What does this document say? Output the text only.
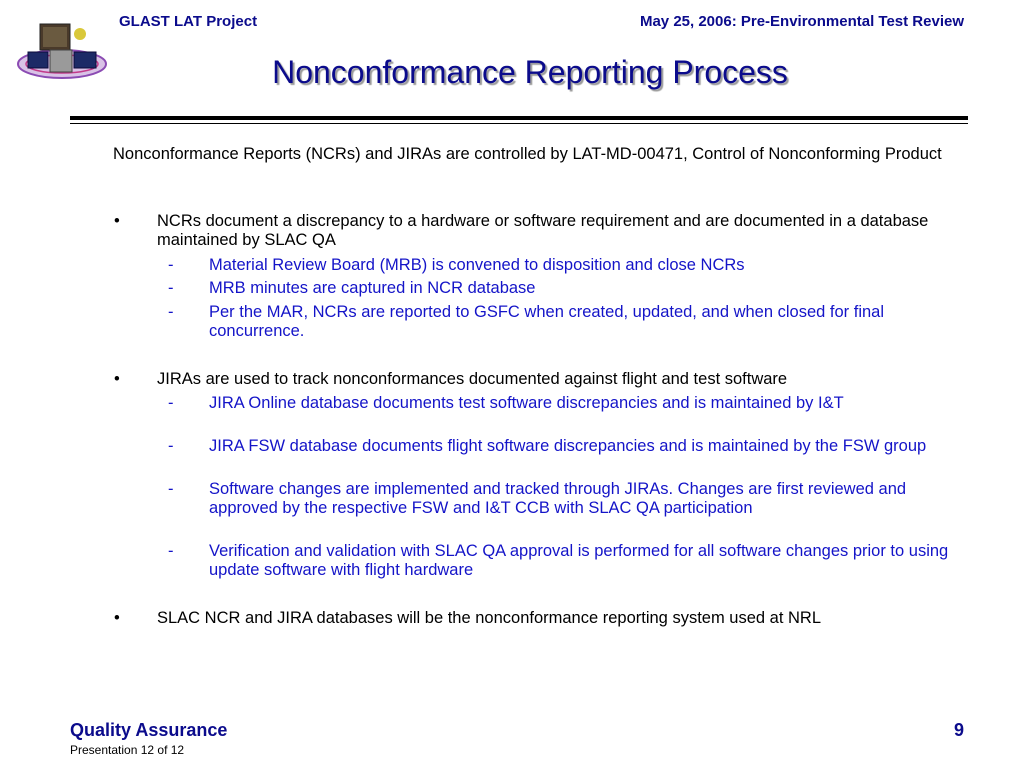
GLAST LAT Project	May 25, 2006: Pre-Environmental Test Review
Nonconformance Reporting Process
Nonconformance Reports (NCRs) and JIRAs are controlled by LAT-MD-00471, Control of Nonconforming Product
• NCRs document a discrepancy to a hardware or software requirement and are documented in a database maintained by SLAC QA
- Material Review Board (MRB) is convened to disposition and close NCRs
- MRB minutes are captured in NCR database
- Per the MAR, NCRs are reported to GSFC when created, updated, and when closed for final concurrence.
• JIRAs are used to track nonconformances documented against flight and test software
- JIRA Online database documents test software discrepancies and is maintained by I&T
- JIRA FSW database documents flight software discrepancies and is maintained by the FSW group
- Software changes are implemented and tracked through JIRAs. Changes are first reviewed and approved by the respective FSW and I&T CCB with SLAC QA participation
- Verification and validation with SLAC QA approval is performed for all software changes prior to using update software with flight hardware
• SLAC NCR and JIRA databases will be the nonconformance reporting system used at NRL
Quality Assurance
Presentation 12 of 12
9
